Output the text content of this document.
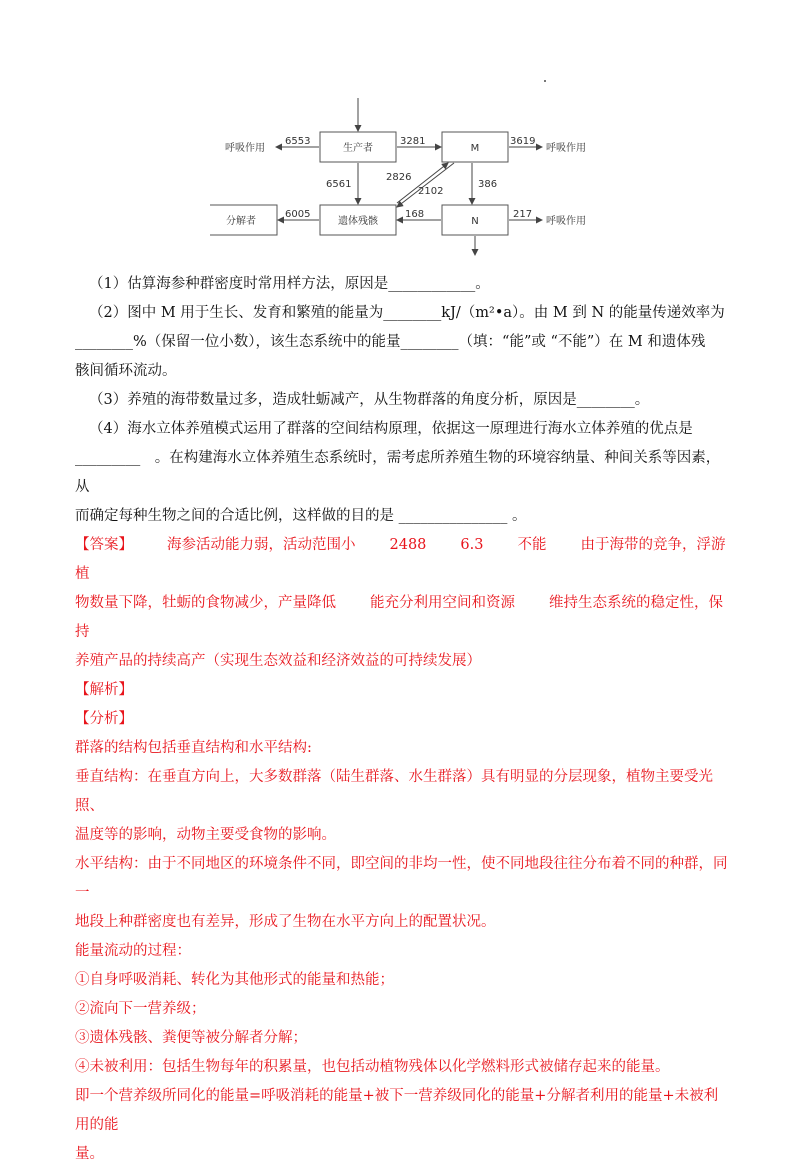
生产者	M
遗体残骸
分解者	N
呼吸作用	呼吸作用
呼吸作用
6553	3281	3619
6561
2826
2102
386
6005	168	217

（1）估算海参种群密度时常用样方法，原因是____________。

（2）图中 M 用于生长、发育和繁殖的能量为________kJ/（m²•a）。由 M 到 N 的能量传递效率为

________%（保留一位小数），该生态系统中的能量________（填：“能”或 “不能”）在 M 和遗体残

骸间循环流动。

（3）养殖的海带数量过多，造成牡蛎减产，从生物群落的角度分析，原因是________。

（4）海水立体养殖模式运用了群落的空间结构原理，依据这一原理进行海水立体养殖的优点是

_________　。在构建海水立体养殖生态系统时，需考虑所养殖生物的环境容纳量、种间关系等因素，从

而确定每种生物之间的合适比例，这样做的目的是 _______________ 。

【答案】 海参活动能力弱，活动范围小 2488 6.3 不能 由于海带的竞争，浮游植

物数量下降，牡蛎的食物减少，产量降低 能充分利用空间和资源 维持生态系统的稳定性，保持

养殖产品的持续高产（实现生态效益和经济效益的可持续发展）

【解析】

【分析】

群落的结构包括垂直结构和水平结构:

垂直结构：在垂直方向上，大多数群落（陆生群落、水生群落）具有明显的分层现象，植物主要受光照、

温度等的影响，动物主要受食物的影响。

水平结构：由于不同地区的环境条件不同，即空间的非均一性，使不同地段往往分布着不同的种群，同一

地段上种群密度也有差异，形成了生物在水平方向上的配置状况。

能量流动的过程：

①自身呼吸消耗、转化为其他形式的能量和热能；

②流向下一营养级；

③遗体残骸、粪便等被分解者分解；

④未被利用：包括生物每年的积累量，也包括动植物残体以化学燃料形式被储存起来的能量。

即一个营养级所同化的能量=呼吸消耗的能量+被下一营养级同化的能量+分解者利用的能量+未被利用的能

量。
